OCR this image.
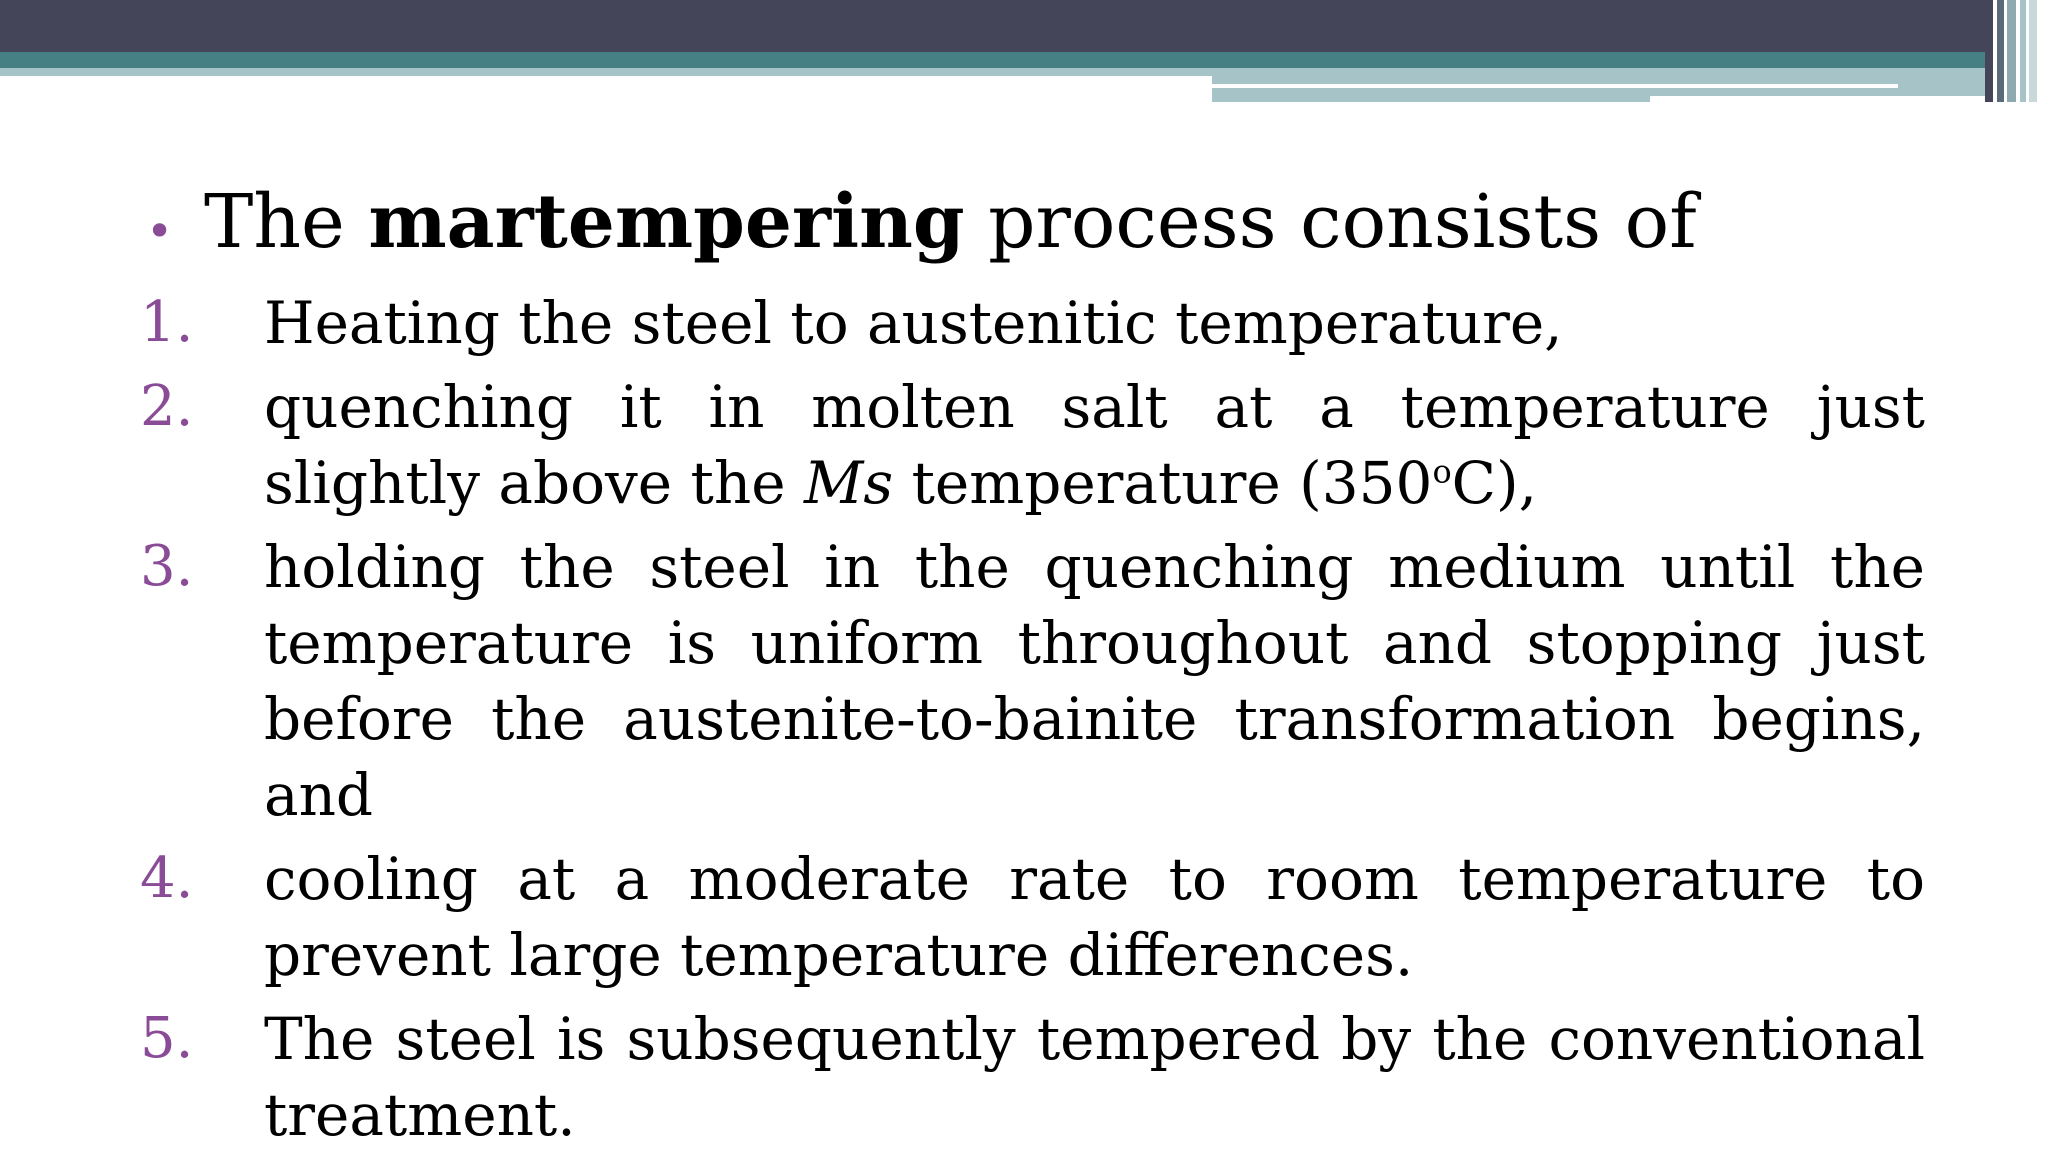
• The martempering process consists of
1.	Heating the steel to austenitic temperature,
2.	quenching it in molten salt at a temperature just slightly above the Ms temperature (350$^o$C),
3.	holding the steel in the quenching medium until the temperature is uniform throughout and stopping just before the austenite-to-bainite transformation begins, and
4.	cooling at a moderate rate to room temperature to prevent large temperature differences.
5.	The steel is subsequently tempered by the conventional treatment.
